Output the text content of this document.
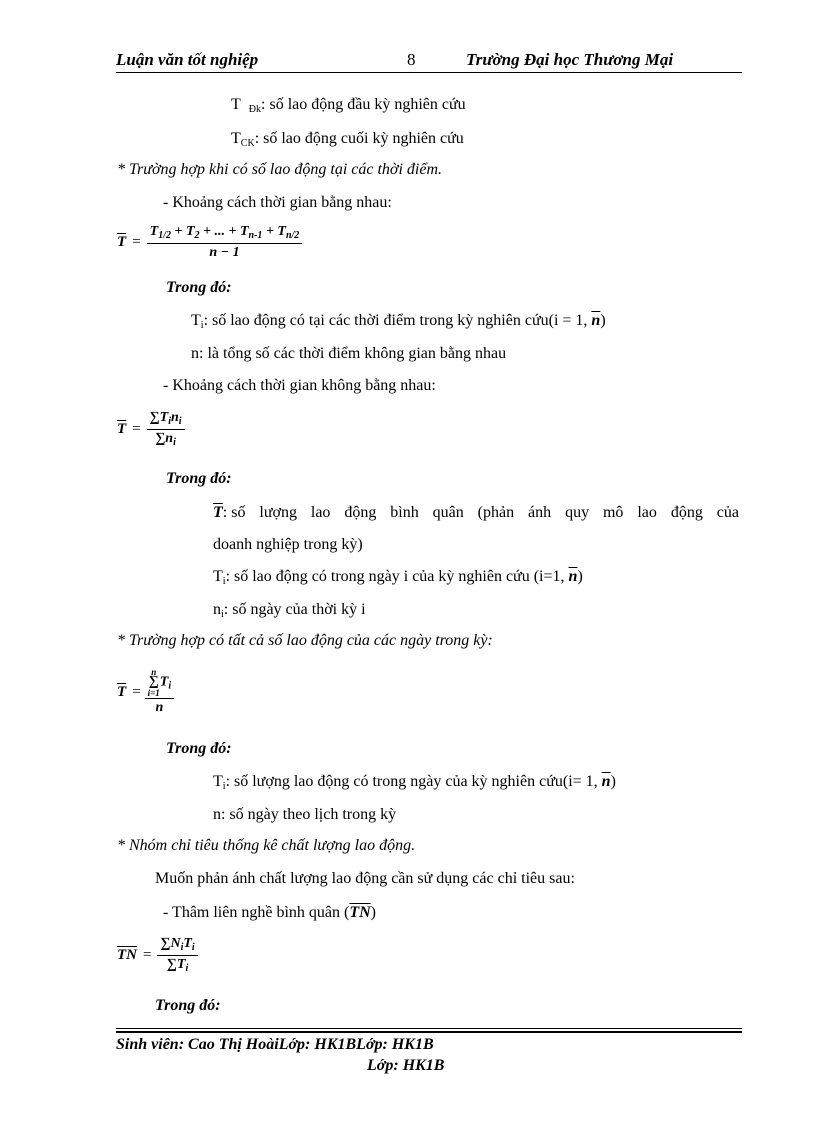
Luận văn tốt nghiệp	8	Trường Đại học Thương Mại
T $_{Đk}$: số lao động đầu kỳ nghiên cứu
$T_{CK}$: số lao động cuối kỳ nghiên cứu
* Trường hợp khi có số lao động tại các thời điểm.
- Khoảng cách thời gian bằng nhau:
$\overline{T} = \frac{T_{1/2} + T_2 + ... + T_{n-1} + T_{n/2}}{n - 1}$
Trong đó:
$T_i$: số lao động có tại các thời điểm trong kỳ nghiên cứu(i = 1, $\overline{n}$)
n: là tổng số các thời điểm không gian bằng nhau
- Khoảng cách thời gian không bằng nhau:
$\overline{T} = \frac{\sum T_in_i}{\sum n_i}$
Trong đó:
$\overline{T}$: số lượng lao động bình quân (phản ánh quy mô lao động của
doanh nghiệp trong kỳ)
$T_i$: số lao động có trong ngày i của kỳ nghiên cứu (i=1, $\overline{n}$)
$n_i$: số ngày của thời kỳ i
* Trường hợp có tất cả số lao động của các ngày trong kỳ:
$\overline{T} = n$
∑
i=1
$T_i$
n
Trong đó:
$T_i$: số lượng lao động có trong ngày của kỳ nghiên cứu(i= 1, $\overline{n}$)
n: số ngày theo lịch trong kỳ
* Nhóm chỉ tiêu thống kê chất lượng lao động.
Muốn phản ánh chất lượng lao động cần sử dụng các chỉ tiêu sau:
- Thâm liên nghề bình quân $(\overline{TN})$
$\overline{TN} = \frac{\sum N_iT_i}{\sum T_i}$
Trong đó:
Sinh viên: Cao Thị HoàiLớp: HK1BLớp: HK1B
Lớp: HK1B
